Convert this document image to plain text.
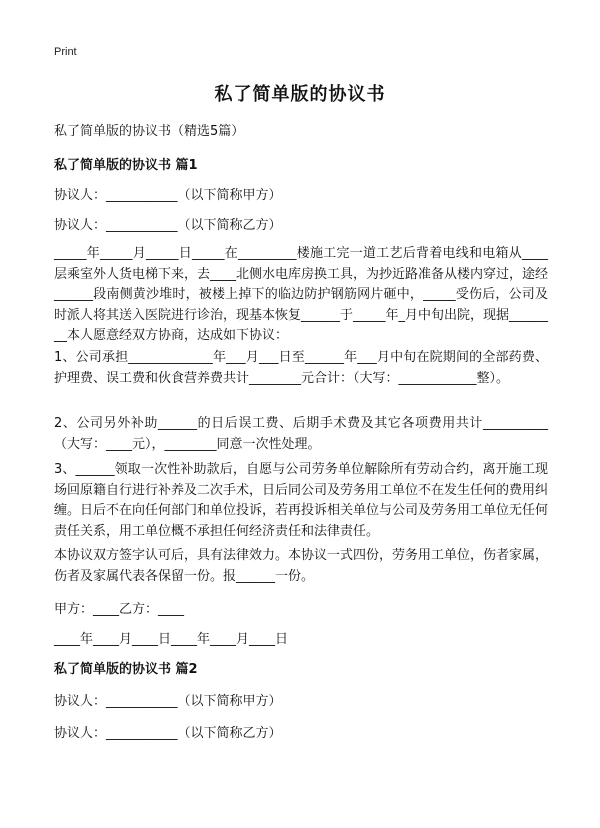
Print
私了简单版的协议书
私了简单版的协议书（精选5篇）
私了简单版的协议书 篇1
协议人：___________（以下简称甲方）
协议人：___________（以下简称乙方）
_____年_____月_____日_____在_________楼施工完一道工艺后背着电线和电箱从____层乘室外人货电梯下来，去____北侧水电库房换工具，为抄近路准备从楼内穿过，途经______段南侧黄沙堆时，被楼上掉下的临边防护钢筋网片砸中，_____受伤后，公司及时派人将其送入医院进行诊治，现基本恢复______于_____年_月中旬出院，现据________本人愿意经双方协商，达成如下协议：
1、公司承担_____________年___月___日至______年___月中旬在院期间的全部药费、护理费、误工费和伙食营养费共计________元合计：（大写：____________整）。
2、公司另外补助______的日后误工费、后期手术费及其它各项费用共计__________（大写：____元），________同意一次性处理。
3、______领取一次性补助款后，自愿与公司劳务单位解除所有劳动合约，离开施工现场回原籍自行进行补养及二次手术，日后同公司及劳务用工单位不在发生任何的费用纠缠。日后不在向任何部门和单位投诉，若再投诉相关单位与公司及劳务用工单位无任何责任关系，用工单位概不承担任何经济责任和法律责任。
本协议双方签字认可后，具有法律效力。本协议一式四份，劳务用工单位，伤者家属，伤者及家属代表各保留一份。报______一份。
甲方：____乙方：____
____年____月____日____年____月____日
私了简单版的协议书 篇2
协议人：___________（以下简称甲方）
协议人：___________（以下简称乙方）
